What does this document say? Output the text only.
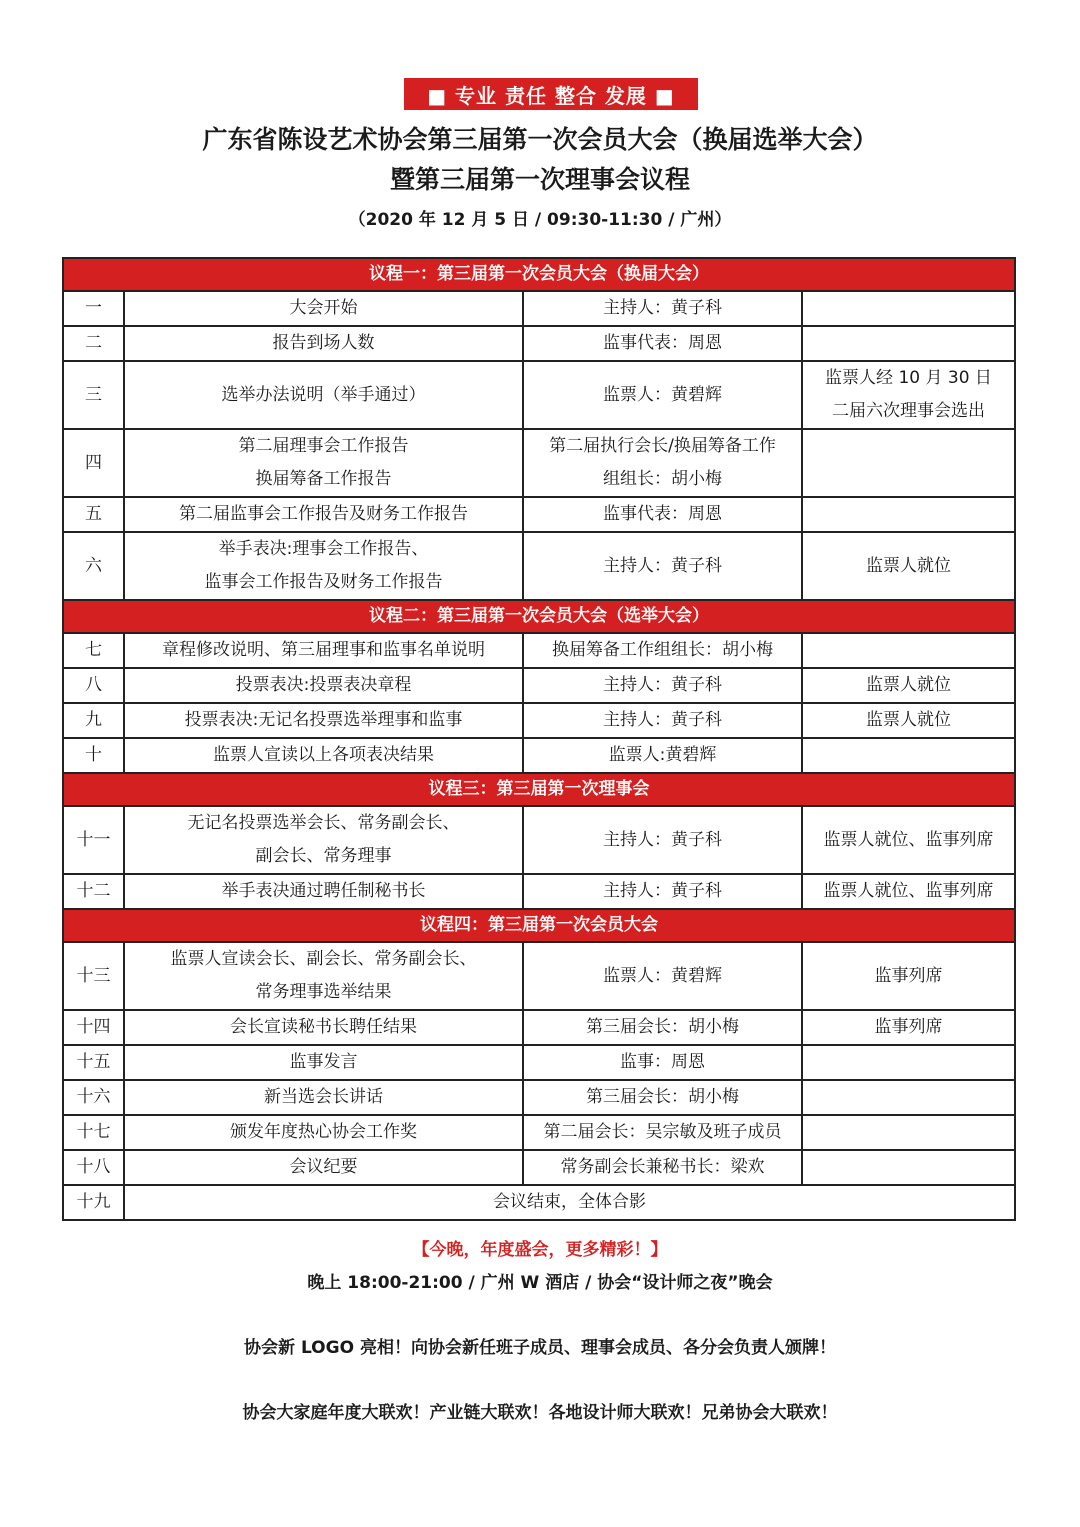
■ 专业 责任 整合 发展 ■
广东省陈设艺术协会第三届第一次会员大会（换届选举大会）
暨第三届第一次理事会议程
（2020 年 12 月 5 日 / 09:30-11:30 / 广州）
议程一：第三届第一次会员大会（换届大会）			
一	大会开始	主持人：黄子科	

二	报告到场人数	监事代表：周恩	

三	选举办法说明（举手通过）	监票人：黄碧辉	监票人经 10 月 30 日
二届六次理事会选出

四	第二届理事会工作报告
换届筹备工作报告	第二届执行会长/换届筹备工作
组组长：胡小梅	

五	第二届监事会工作报告及财务工作报告	监事代表：周恩	

六	举手表决:理事会工作报告、
监事会工作报告及财务工作报告	主持人：黄子科	监票人就位

议程二：第三届第一次会员大会（选举大会）			
七	章程修改说明、第三届理事和监事名单说明	换届筹备工作组组长：胡小梅	

八	投票表决:投票表决章程	主持人：黄子科	监票人就位

九	投票表决:无记名投票选举理事和监事	主持人：黄子科	监票人就位

十	监票人宣读以上各项表决结果	监票人:黄碧辉	

议程三：第三届第一次理事会			
十一	无记名投票选举会长、常务副会长、
副会长、常务理事	主持人：黄子科	监票人就位、监事列席

十二	举手表决通过聘任制秘书长	主持人：黄子科	监票人就位、监事列席

议程四：第三届第一次会员大会			
十三	监票人宣读会长、副会长、常务副会长、
常务理事选举结果	监票人：黄碧辉	监事列席

十四	会长宣读秘书长聘任结果	第三届会长：胡小梅	监事列席

十五	监事发言	监事：周恩	

十六	新当选会长讲话	第三届会长：胡小梅	

十七	颁发年度热心协会工作奖	第二届会长：吴宗敏及班子成员	

十八	会议纪要	常务副会长兼秘书长：梁欢	

十九	会议结束，全体合影		
【今晚，年度盛会，更多精彩！】
晚上 18:00-21:00 / 广州 W 酒店 / 协会“设计师之夜”晚会
协会新 LOGO 亮相！向协会新任班子成员、理事会成员、各分会负责人颁牌！
协会大家庭年度大联欢！产业链大联欢！各地设计师大联欢！兄弟协会大联欢！
